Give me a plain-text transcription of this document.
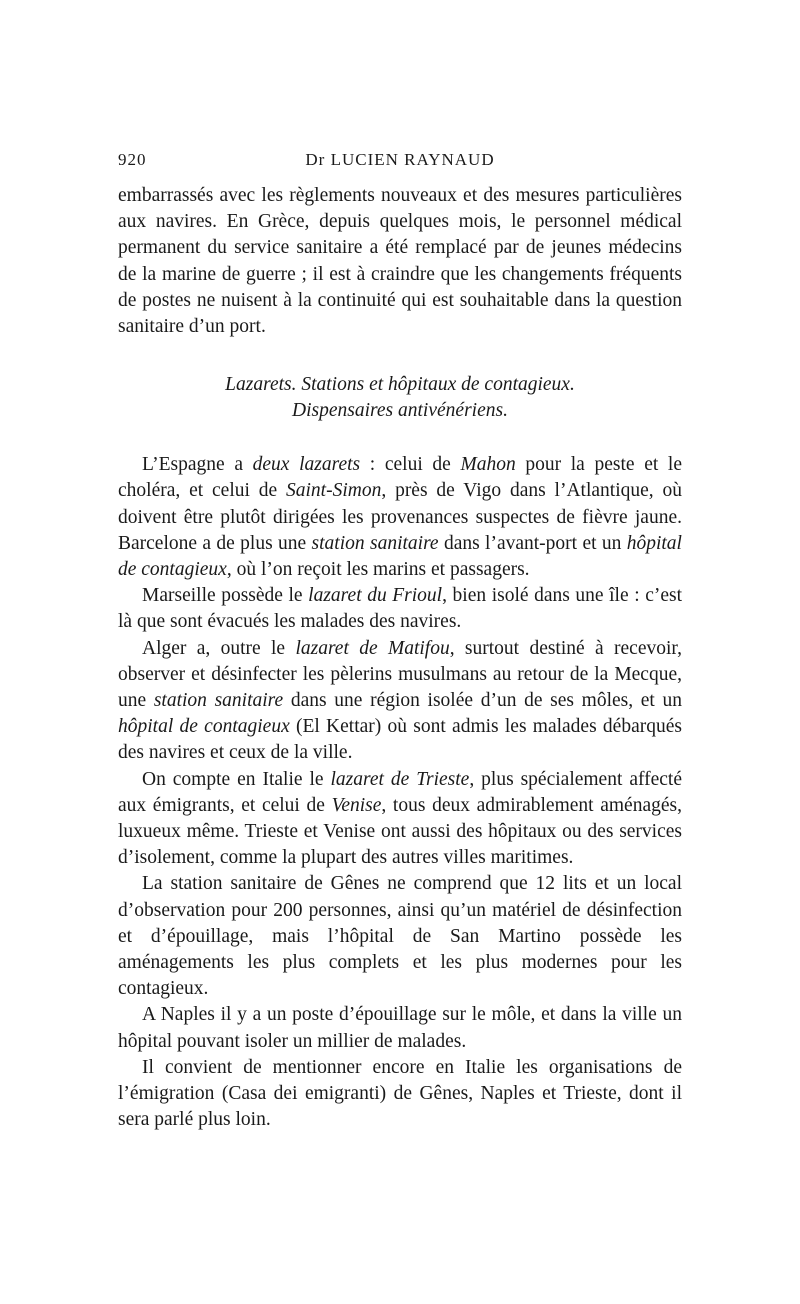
920	Dr LUCIEN RAYNAUD

embarrassés avec les règlements nouveaux et des mesures particulières aux navires. En Grèce, depuis quelques mois, le personnel médical permanent du service sanitaire a été remplacé par de jeunes médecins de la marine de guerre ; il est à craindre que les changements fréquents de postes ne nuisent à la continuité qui est souhaitable dans la question sanitaire d’un port.

Lazarets. Stations et hôpitaux de contagieux.
Dispensaires antivénériens.

L’Espagne a deux lazarets : celui de Mahon pour la peste et le choléra, et celui de Saint-Simon, près de Vigo dans l’Atlantique, où doivent être plutôt dirigées les provenances suspectes de fièvre jaune. Barcelone a de plus une station sanitaire dans l’avant-port et un hôpital de contagieux, où l’on reçoit les marins et passagers.

Marseille possède le lazaret du Frioul, bien isolé dans une île : c’est là que sont évacués les malades des navires.

Alger a, outre le lazaret de Matifou, surtout destiné à recevoir, observer et désinfecter les pèlerins musulmans au retour de la Mecque, une station sanitaire dans une région isolée d’un de ses môles, et un hôpital de contagieux (El Kettar) où sont admis les malades débarqués des navires et ceux de la ville.

On compte en Italie le lazaret de Trieste, plus spécialement affecté aux émigrants, et celui de Venise, tous deux admirablement aménagés, luxueux même. Trieste et Venise ont aussi des hôpitaux ou des services d’isolement, comme la plupart des autres villes maritimes.

La station sanitaire de Gênes ne comprend que 12 lits et un local d’observation pour 200 personnes, ainsi qu’un matériel de désinfection et d’épouillage, mais l’hôpital de San Martino possède les aménagements les plus complets et les plus modernes pour les contagieux.

A Naples il y a un poste d’épouillage sur le môle, et dans la ville un hôpital pouvant isoler un millier de malades.

Il convient de mentionner encore en Italie les organisations de l’émigration (Casa dei emigranti) de Gênes, Naples et Trieste, dont il sera parlé plus loin.
